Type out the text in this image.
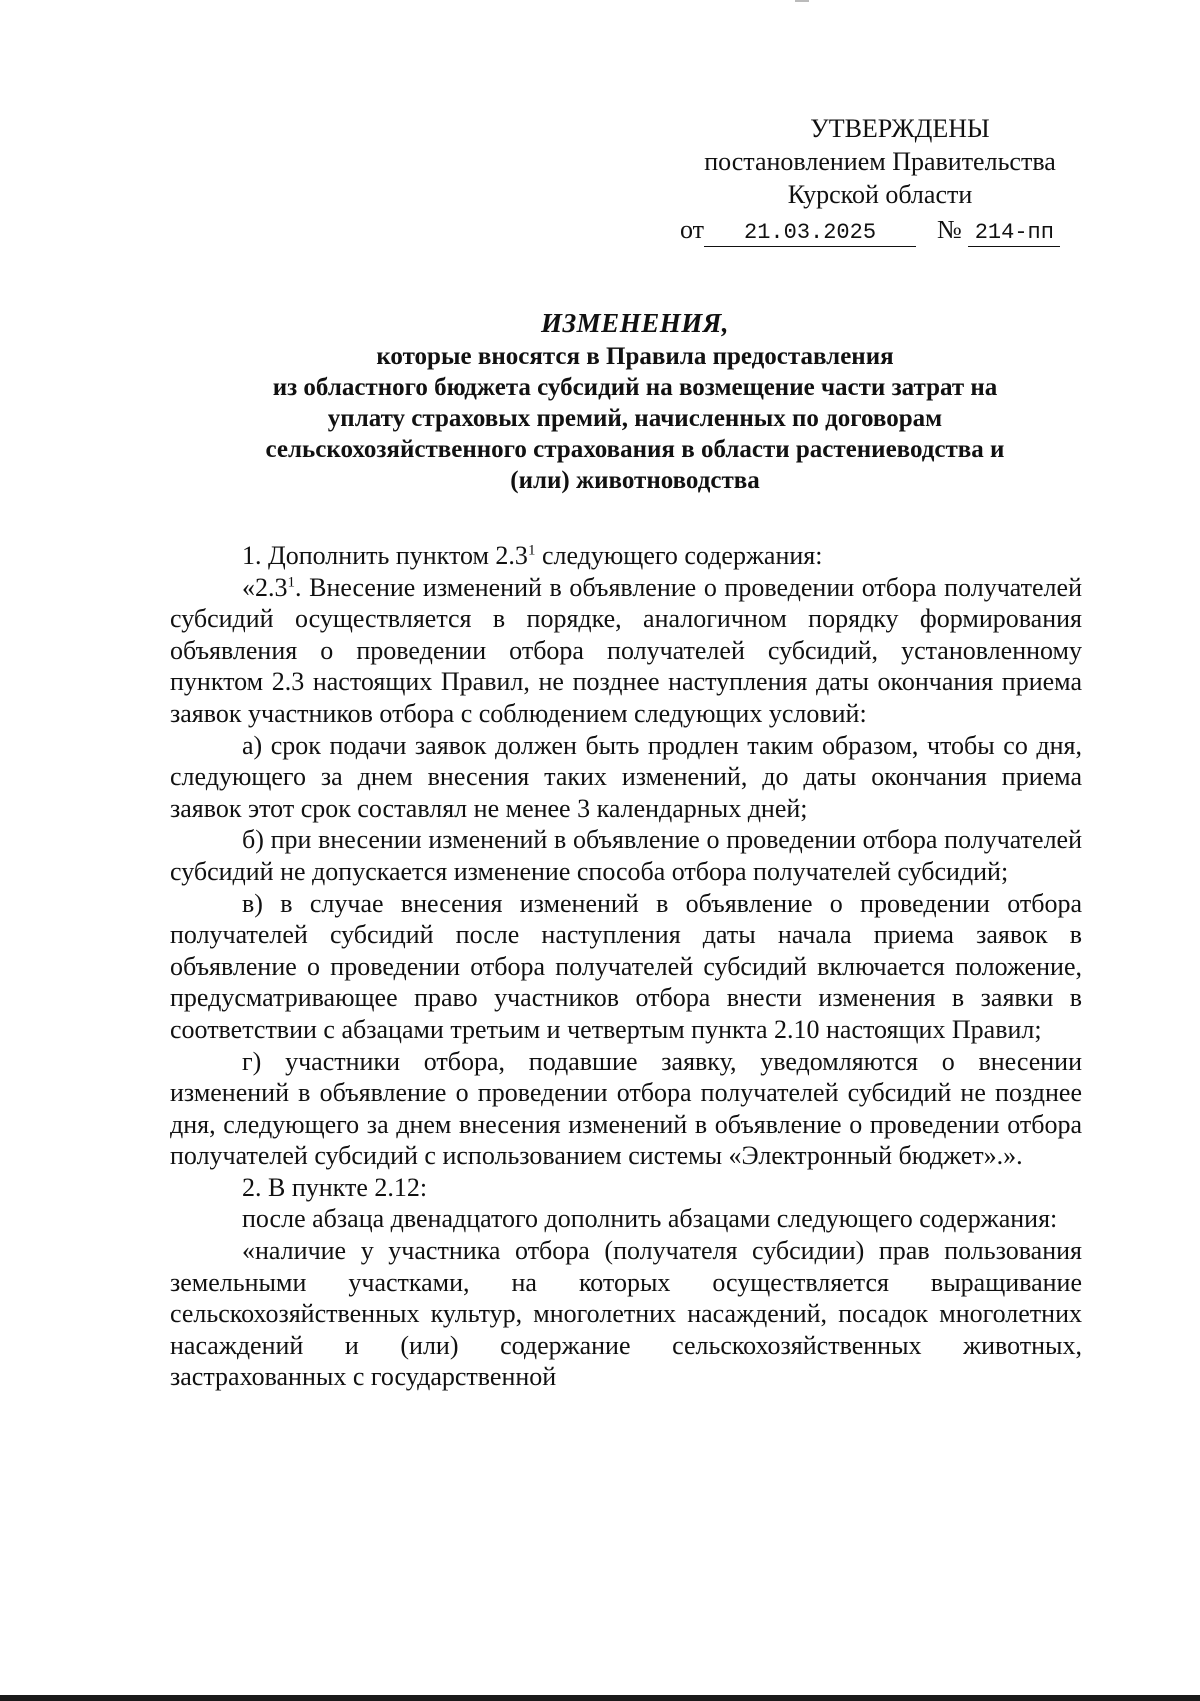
УТВЕРЖДЕНЫ
постановлением Правительства
Курской области
от 21.03.2025 № 214-пп
ИЗМЕНЕНИЯ,
которые вносятся в Правила предоставления
из областного бюджета субсидий на возмещение части затрат на
уплату страховых премий, начисленных по договорам
сельскохозяйственного страхования в области растениеводства и
(или) животноводства

1. Дополнить пунктом $2.3^1$ следующего содержания:

«$2.3^1$. Внесение изменений в объявление о проведении отбора получателей субсидий осуществляется в порядке, аналогичном порядку формирования объявления о проведении отбора получателей субсидий, установленному пунктом 2.3 настоящих Правил, не позднее наступления даты окончания приема заявок участников отбора с соблюдением следующих условий:

а) срок подачи заявок должен быть продлен таким образом, чтобы со дня, следующего за днем внесения таких изменений, до даты окончания приема заявок этот срок составлял не менее 3 календарных дней;

б) при внесении изменений в объявление о проведении отбора получателей субсидий не допускается изменение способа отбора получателей субсидий;

в) в случае внесения изменений в объявление о проведении отбора получателей субсидий после наступления даты начала приема заявок в объявление о проведении отбора получателей субсидий включается положение, предусматривающее право участников отбора внести изменения в заявки в соответствии с абзацами третьим и четвертым пункта 2.10 настоящих Правил;

г) участники отбора, подавшие заявку, уведомляются о внесении изменений в объявление о проведении отбора получателей субсидий не позднее дня, следующего за днем внесения изменений в объявление о проведении отбора получателей субсидий с использованием системы «Электронный бюджет».».

2. В пункте 2.12:

после абзаца двенадцатого дополнить абзацами следующего содержания:

«наличие у участника отбора (получателя субсидии) прав пользования земельными участками, на которых осуществляется выращивание сельскохозяйственных культур, многолетних насаждений, посадок многолетних насаждений и (или) содержание сельскохозяйственных животных, застрахованных с государственной
